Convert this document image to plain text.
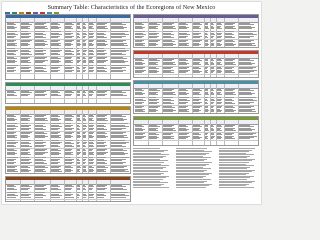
Summary Table: Characteristics of the Ecoregions of New Mexico
